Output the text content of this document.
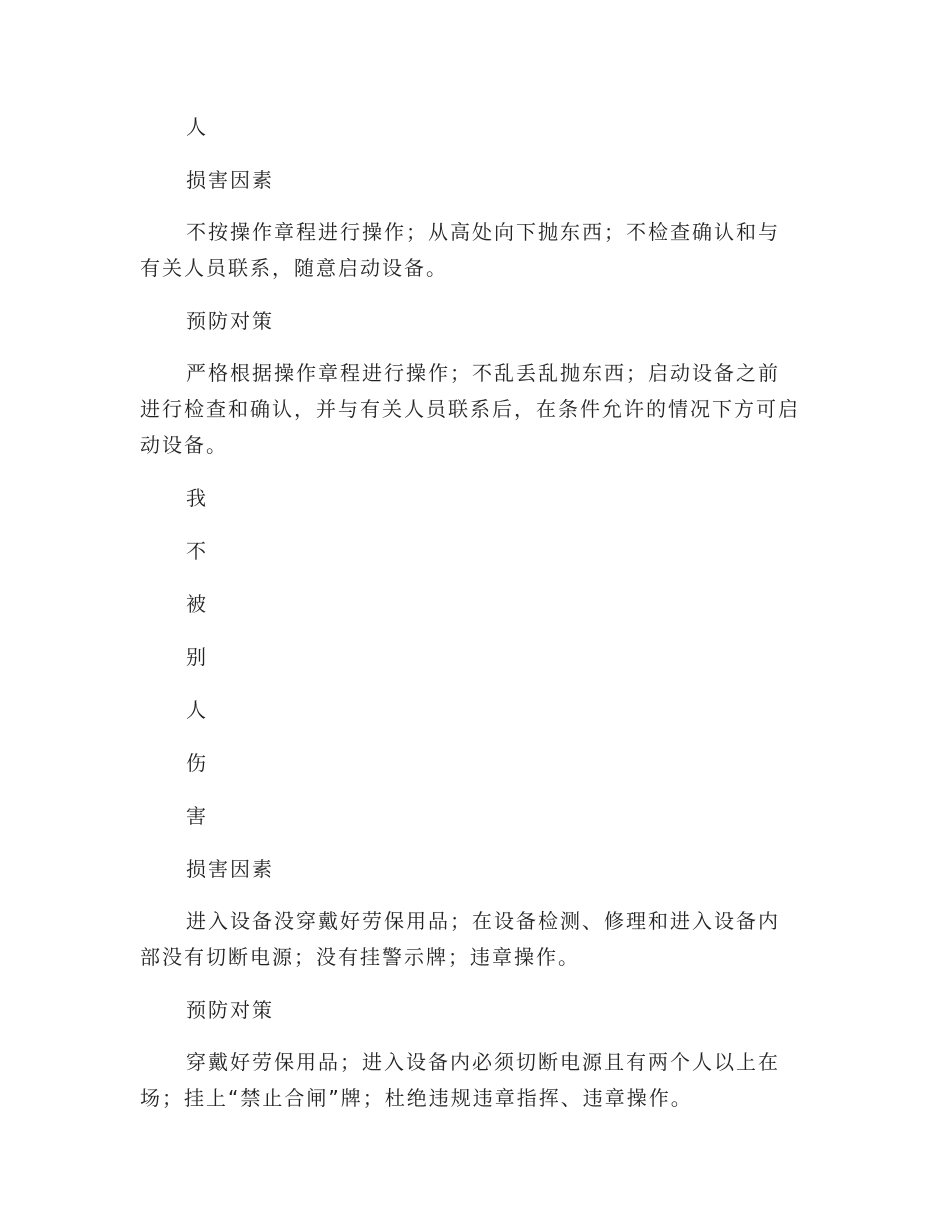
人

损害因素

不按操作章程进行操作；从高处向下抛东西；不检查确认和与有关人员联系，随意启动设备。

预防对策

严格根据操作章程进行操作；不乱丢乱抛东西；启动设备之前进行检查和确认，并与有关人员联系后，在条件允许的情况下方可启动设备。

我

不

被

别

人

伤

害

损害因素

进入设备没穿戴好劳保用品；在设备检测、修理和进入设备内部没有切断电源；没有挂警示牌；违章操作。

预防对策

穿戴好劳保用品；进入设备内必须切断电源且有两个人以上在场；挂上“禁止合闸”牌；杜绝违规违章指挥、违章操作。
